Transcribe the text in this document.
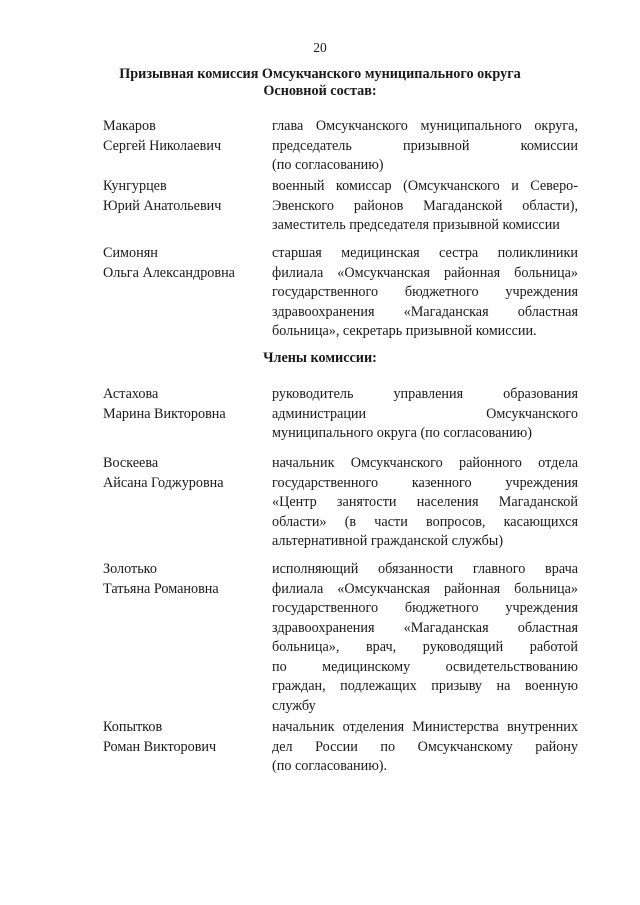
20
Призывная комиссия Омсукчанского муниципального округа
Основной состав:
Члены комиссии:
Макаров
Сергей Николаевич
глава Омсукчанского муниципального округа,
председатель призывной комиссии
(по согласованию)
Кунгурцев
Юрий Анатольевич
военный комиссар (Омсукчанского и Северо-
Эвенского районов Магаданской области),
заместитель председателя призывной комиссии
Симонян
Ольга Александровна
старшая медицинская сестра поликлиники
филиала «Омсукчанская районная больница»
государственного бюджетного учреждения
здравоохранения «Магаданская областная
больница», секретарь призывной комиссии.
Астахова
Марина Викторовна
руководитель управления образования
администрации Омсукчанского
муниципального округа (по согласованию)
Воскеева
Айсана Годжуровна
начальник Омсукчанского районного отдела
государственного казенного учреждения
«Центр занятости населения Магаданской
области» (в части вопросов, касающихся
альтернативной гражданской службы)
Золотько
Татьяна Романовна
исполняющий обязанности главного врача
филиала «Омсукчанская районная больница»
государственного бюджетного учреждения
здравоохранения «Магаданская областная
больница», врач, руководящий работой
по медицинскому освидетельствованию
граждан, подлежащих призыву на военную
службу
Копытков
Роман Викторович
начальник отделения Министерства внутренних
дел России по Омсукчанскому району
(по согласованию).
